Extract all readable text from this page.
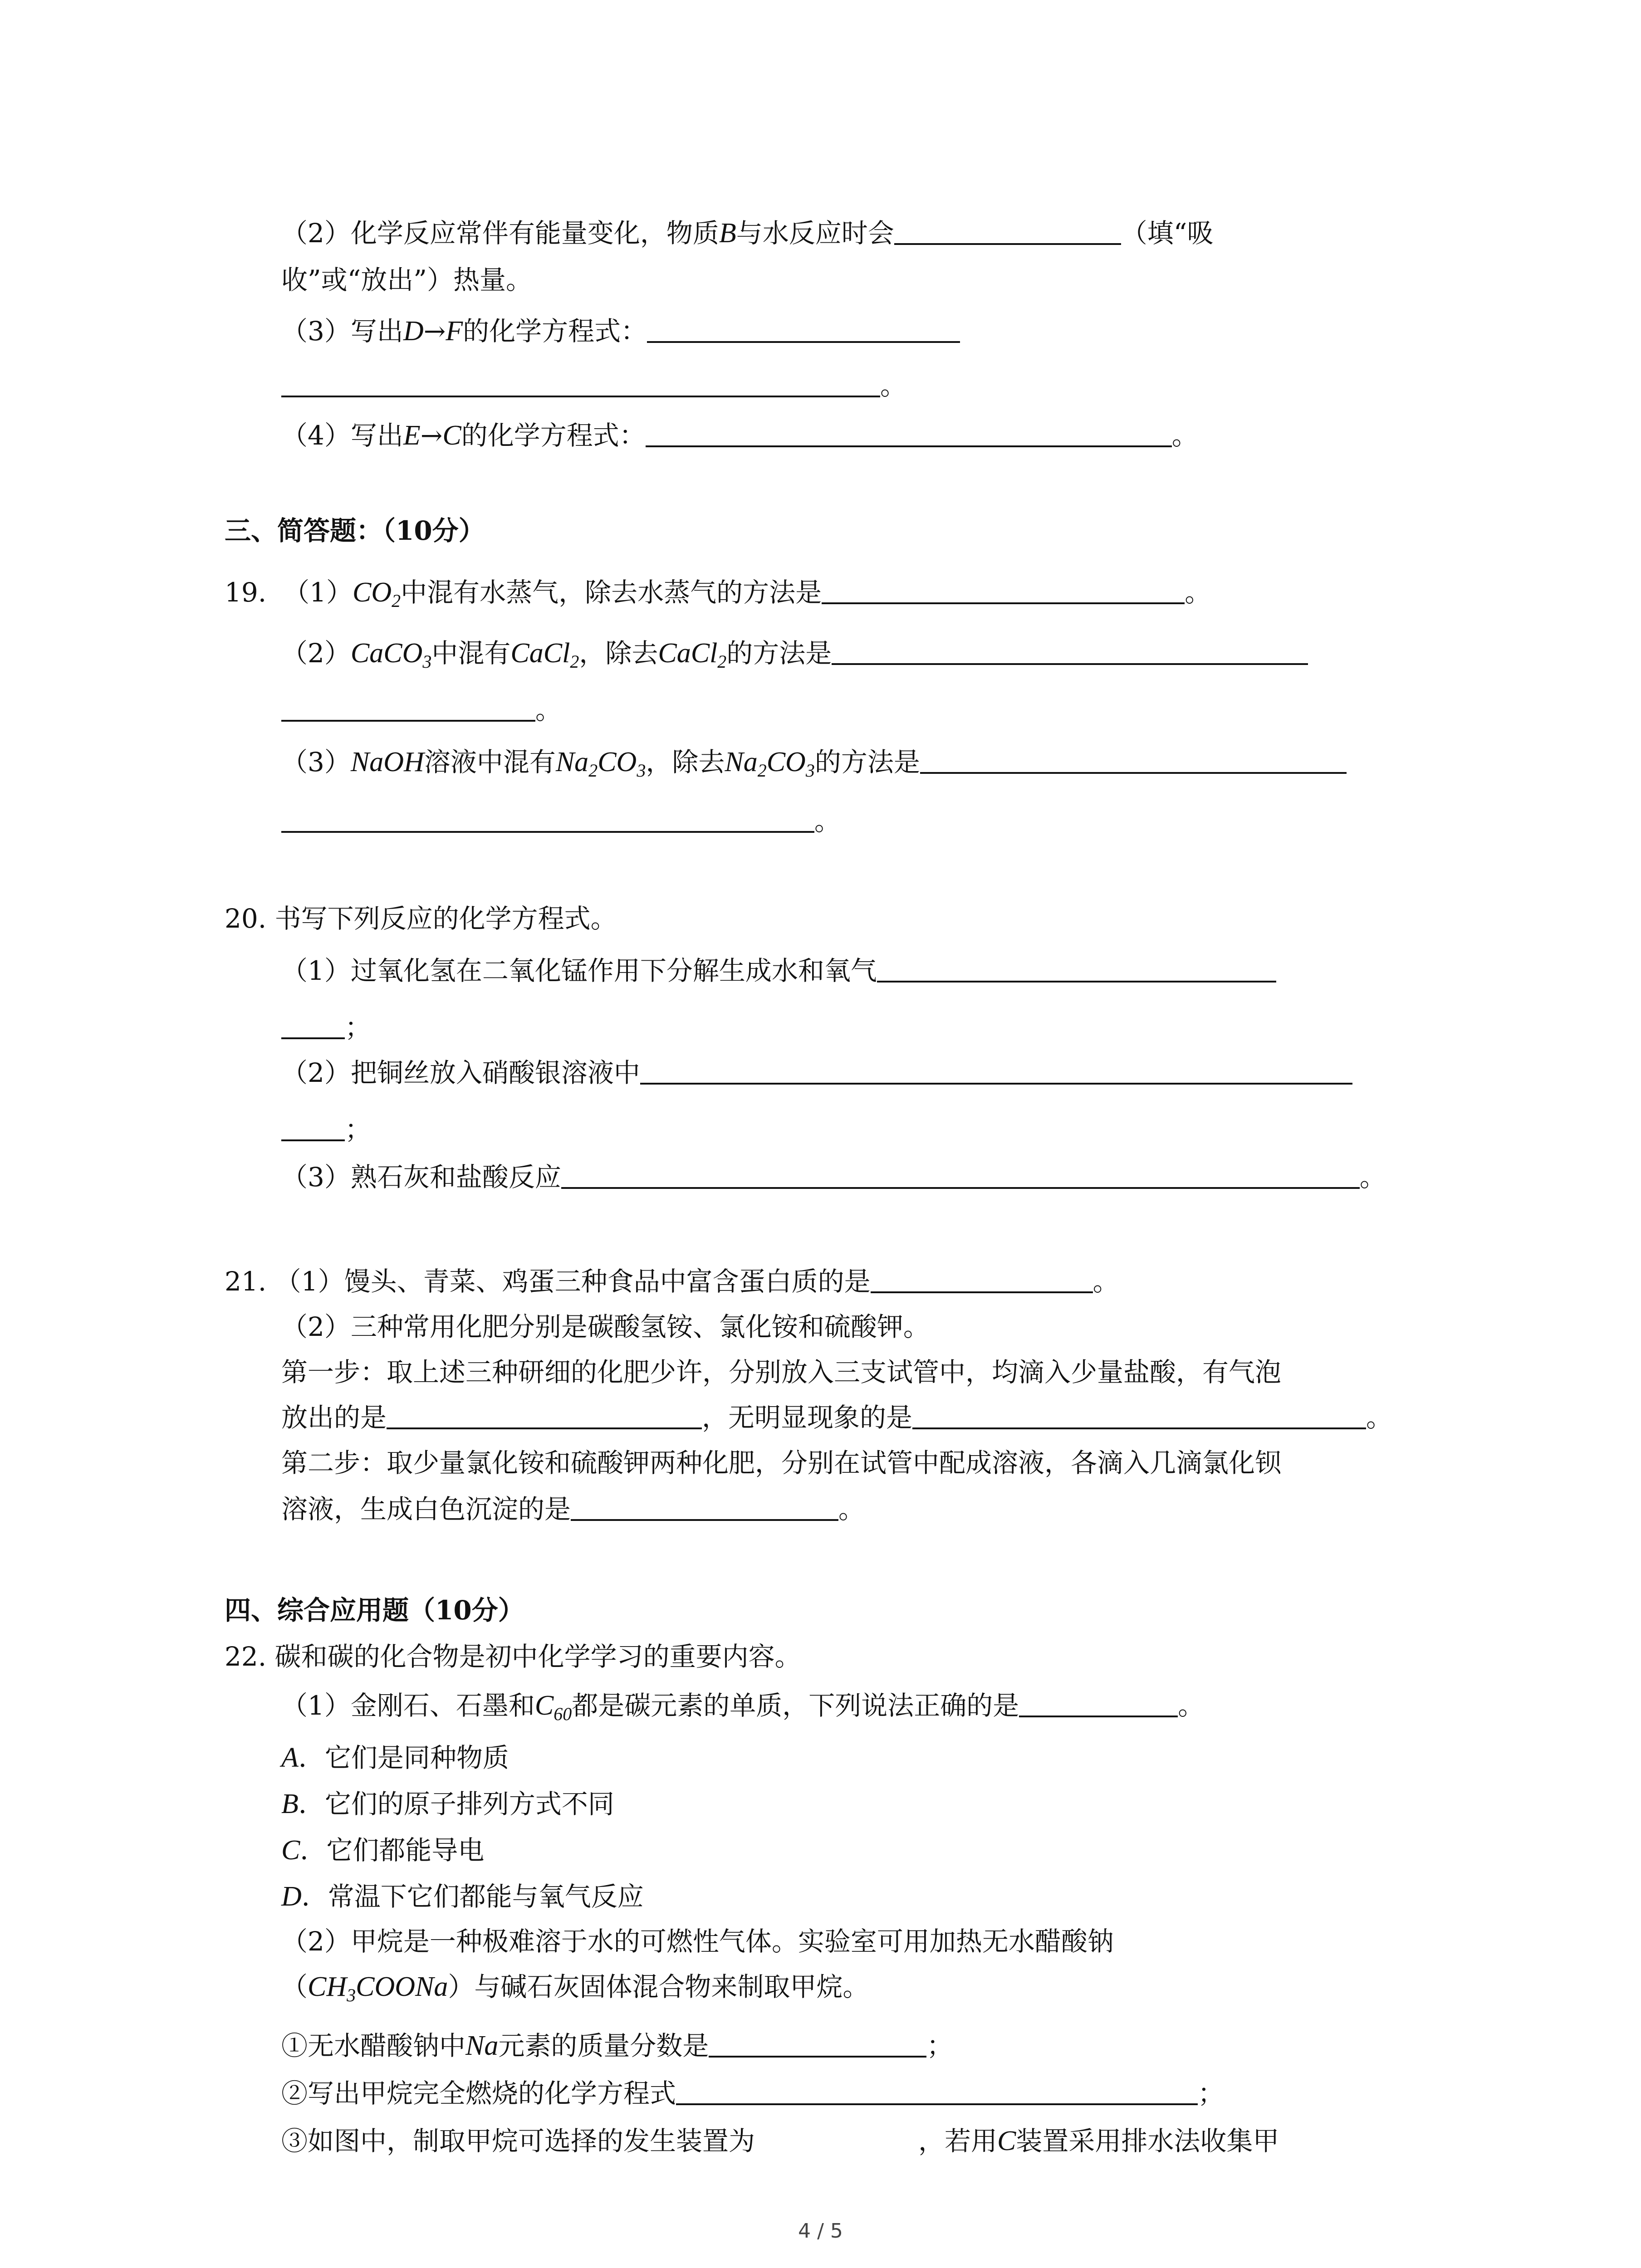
（2）化学反应常伴有能量变化，物质B与水反应时会	（填“吸
收”或“放出”）热量。
（3）写出D→F的化学方程式：
。
（4）写出E→C的化学方程式：	。
三、简答题：（10分）
19. $(1)CO_2$中混有水蒸气，除去水蒸气的方法是	。
（2）CaCO$_3$中混有CaCl$_2$，除去CaCl$_2$的方法是
。
（3）NaOH溶液中混有$Na_2CO_3$，除去$Na_2CO_3$的方法是
。
20. 书写下列反应的化学方程式。
（1）过氧化氢在二氧化锰作用下分解生成水和氧气
；
（2）把铜丝放入硝酸银溶液中
；
（3）熟石灰和盐酸反应	。
21. （1）馒头、青菜、鸡蛋三种食品中富含蛋白质的是	。
（2）三种常用化肥分别是碳酸氢铵、氯化铵和硫酸钾。
第一步：取上述三种研细的化肥少许，分别放入三支试管中，均滴入少量盐酸，有气泡
放出的是	，无明显现象的是	。
第二步：取少量氯化铵和硫酸钾两种化肥，分别在试管中配成溶液，各滴入几滴氯化钡
溶液，生成白色沉淀的是	。
四、综合应用题（10分）
22. 碳和碳的化合物是初中化学学习的重要内容。
（1）金刚石、石墨和$C_{60}$都是碳元素的单质，下列说法正确的是	。
A．它们是同种物质
B．它们的原子排列方式不同
C．它们都能导电
D．常温下它们都能与氧气反应
（2）甲烷是一种极难溶于水的可燃性气体。实验室可用加热无水醋酸钠
$(CH_3COONa)$与碱石灰固体混合物来制取甲烷。
①无水醋酸钠中Na元素的质量分数是	；
②写出甲烷完全燃烧的化学方程式	；
③如图中，制取甲烷可选择的发生装置为	，若用C装置采用排水法收集甲
4 / 5
